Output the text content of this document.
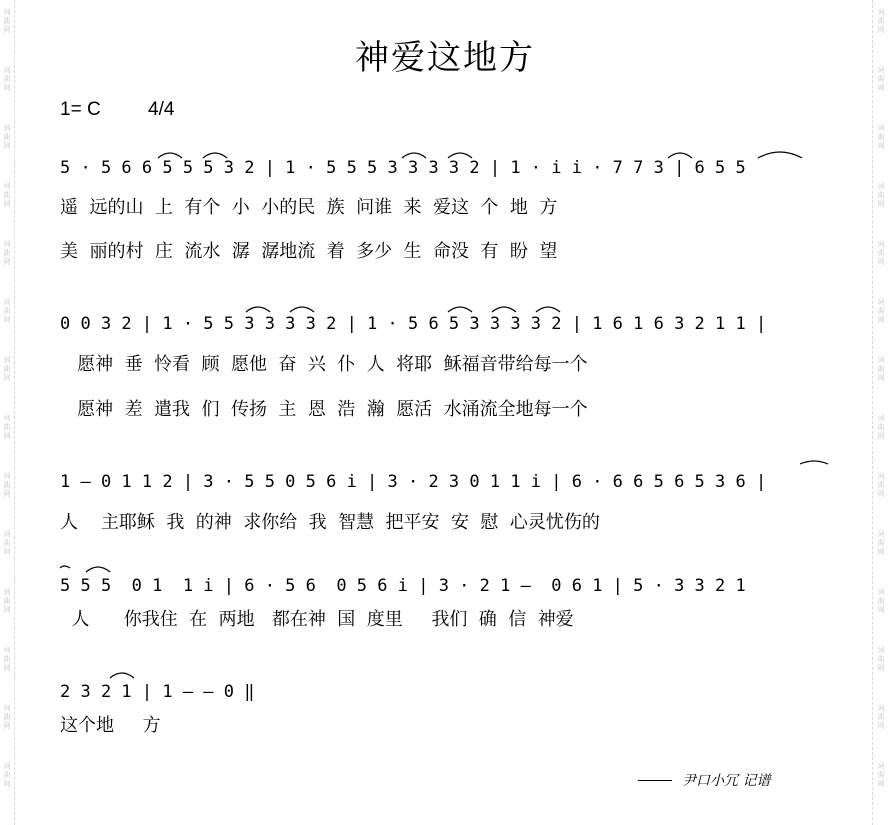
词
曲
网
词
曲
网
词
曲
网
词
曲
网
词
曲
网
词
曲
网
词
曲
网
词
曲
网
词
曲
网
词
曲
网
词
曲
网
词
曲
网
词
曲
网
词
曲
网
词
曲
网
词
曲
网
词
曲
网
词
曲
网
词
曲
网
词
曲
网
词
曲
网
词
曲
网
词
曲
网
词
曲
网
词
曲
网
词
曲
网
词
曲
网
词
曲
网
神爱这地方
1= C 4/4
5 · 5 6 6 5 5 5 3 2 | 1 · 5 5 5 3 3 3 3 2 | 1 · i i · 7 7 3 | 6 5 5
遥  远的山  上  有个  小  小的民  族  问谁  来  爱这  个  地  方
美  丽的村  庄  流水  潺  潺地流  着  多少  生  命没  有  盼  望
0 0 3 2 | 1 · 5 5 3 3 3 3 2 | 1 · 5 6 5 3 3 3 3 2 | 1 6 1 6 3 2 1 1 |
愿神  垂  怜看  顾  愿他  奋  兴  仆  人  将耶  稣福音带给每一个
愿神  差  遣我  们  传扬  主  恩  浩  瀚  愿活  水涌流全地每一个
1 – 0 1 1 2 | 3 · 5 5 0 5 6 i | 3 · 2 3 0 1 1 i | 6 · 6 6 5 6 5 3 6 |
人    主耶稣  我  的神  求你给  我  智慧  把平安  安  慰  心灵忧伤的
5 5 5  0 1  1 i | 6 · 5 6  0 5 6 i | 3 · 2 1 –  0 6 1 | 5 · 3 3 2 1
人      你我住  在  两地   都在神  国  度里     我们  确  信  神爱
2 3 2 1 | 1 – – 0 ‖
这个地     方
尹口小冗 记谱
